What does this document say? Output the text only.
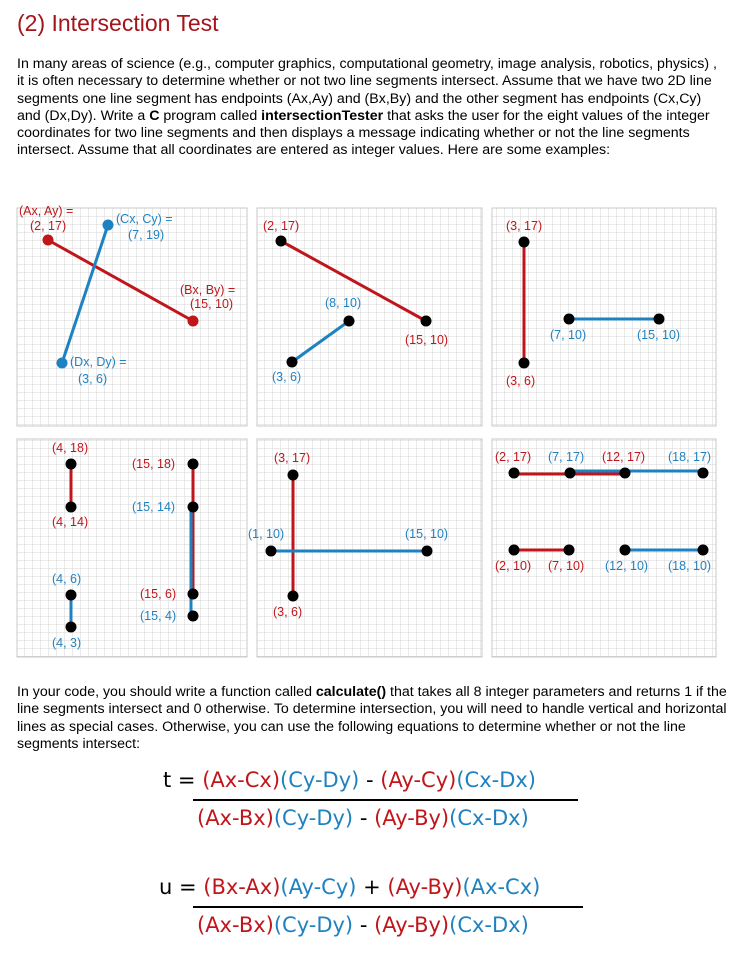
(2) Intersection Test

In many areas of science (e.g., computer graphics, computational geometry, image analysis, robotics, physics) , it is often necessary to determine whether or not two line segments intersect. Assume that we have two 2D line segments one line segment has endpoints (Ax,Ay) and (Bx,By) and the other segment has endpoints (Cx,Cy) and (Dx,Dy). Write a C program called intersectionTester that asks the user for the eight values of the integer coordinates for two line segments and then displays a message indicating whether or not the line segments intersect. Assume that all coordinates are entered as integer values. Here are some examples:

(Ax, Ay) =
(2, 17)	(Cx, Cy) =
(7, 19)
(Bx, By) =
(15, 10)
(Dx, Dy) =
(3, 6)
(2, 17)
(8, 10)
(15, 10)
(3, 6)
(3, 17)
(7, 10)	(15, 10)
(3, 6)
(4, 18)
(15, 18)
(15, 14)
(4, 14)
(4, 6)
(15, 6)
(15, 4)
(4, 3)
(3, 17)
(1, 10)	(15, 10)
(3, 6)
(2, 17) (7, 17) (12, 17) (18, 17)
(2, 10) (7, 10) (12, 10) (18, 10)

In your code, you should write a function called calculate() that takes all 8 integer parameters and returns 1 if the line segments intersect and 0 otherwise. To determine intersection, you will need to handle vertical and horizontal lines as special cases. Otherwise, you can use the following equations to determine whether or not the line segments intersect:

t = (Ax-Cx)(Cy-Dy) - (Ay-Cy)(Cx-Dx)
(Ax-Bx)(Cy-Dy) - (Ay-By)(Cx-Dx)
u = (Bx-Ax)(Ay-Cy) + (Ay-By)(Ax-Cx)
(Ax-Bx)(Cy-Dy) - (Ay-By)(Cx-Dx)
